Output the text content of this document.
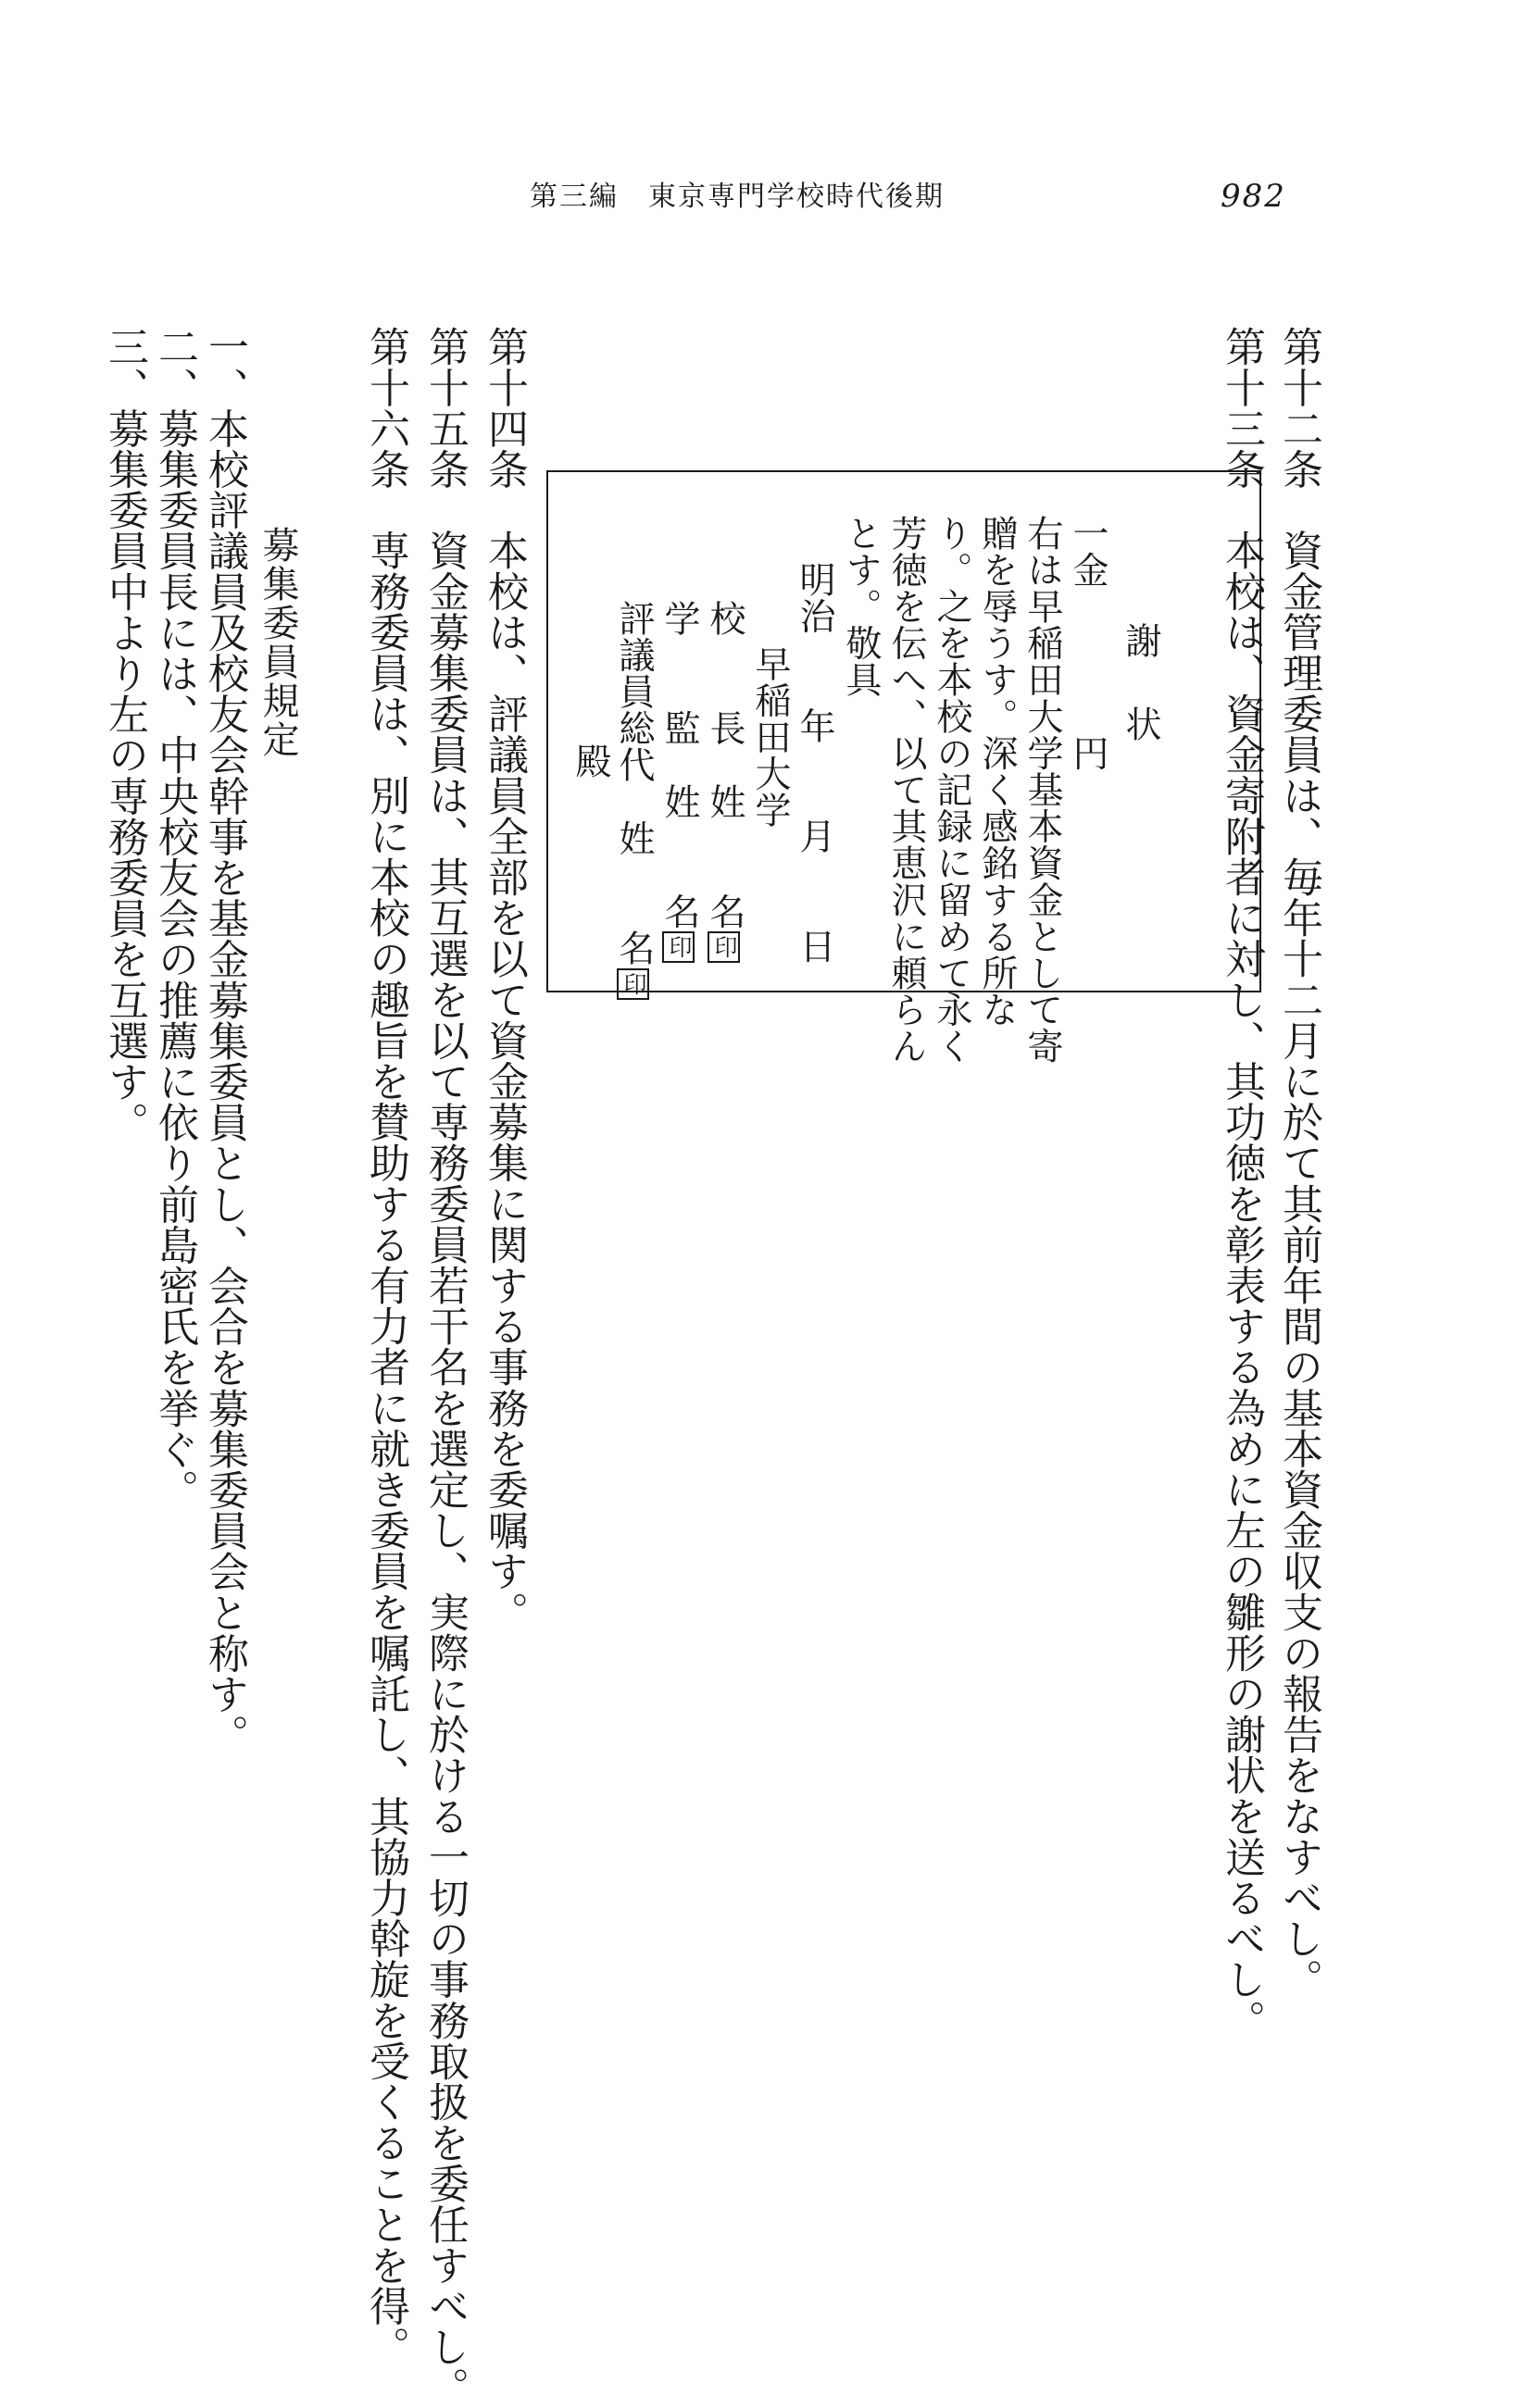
第三編　東京専門学校時代後期	982
第十二条資金管理委員は、毎年十二月に於て其前年間の基本資金収支の報告をなすべし。
第十三条本校は、資金寄附者に対し、其功徳を彰表する為めに左の雛形の謝状を送るべし。
謝　状
一金　　　　円
右は早稲田大学基本資金として寄
贈を辱うす。深く感銘する所な
り。之を本校の記録に留めて永く
芳徳を伝へ、以て其恵沢に頼らん
とす。敬具
明治　　年　　月　　日
早稲田大学
校　　長　姓　　名印
学　　監　姓　　名印
評議員総代　姓　　名印
殿
第十四条本校は、評議員全部を以て資金募集に関する事務を委嘱す。
第十五条資金募集委員は、其互選を以て専務委員若干名を選定し、実際に於ける一切の事務取扱を委任すべし。
第十六条専務委員は、別に本校の趣旨を賛助する有力者に就き委員を嘱託し、其協力斡旋を受くることを得。
募集委員規定
一、本校評議員及校友会幹事を基金募集委員とし、会合を募集委員会と称す。
二、募集委員長には、中央校友会の推薦に依り前島密氏を挙ぐ。
三、募集委員中より左の専務委員を互選す。
